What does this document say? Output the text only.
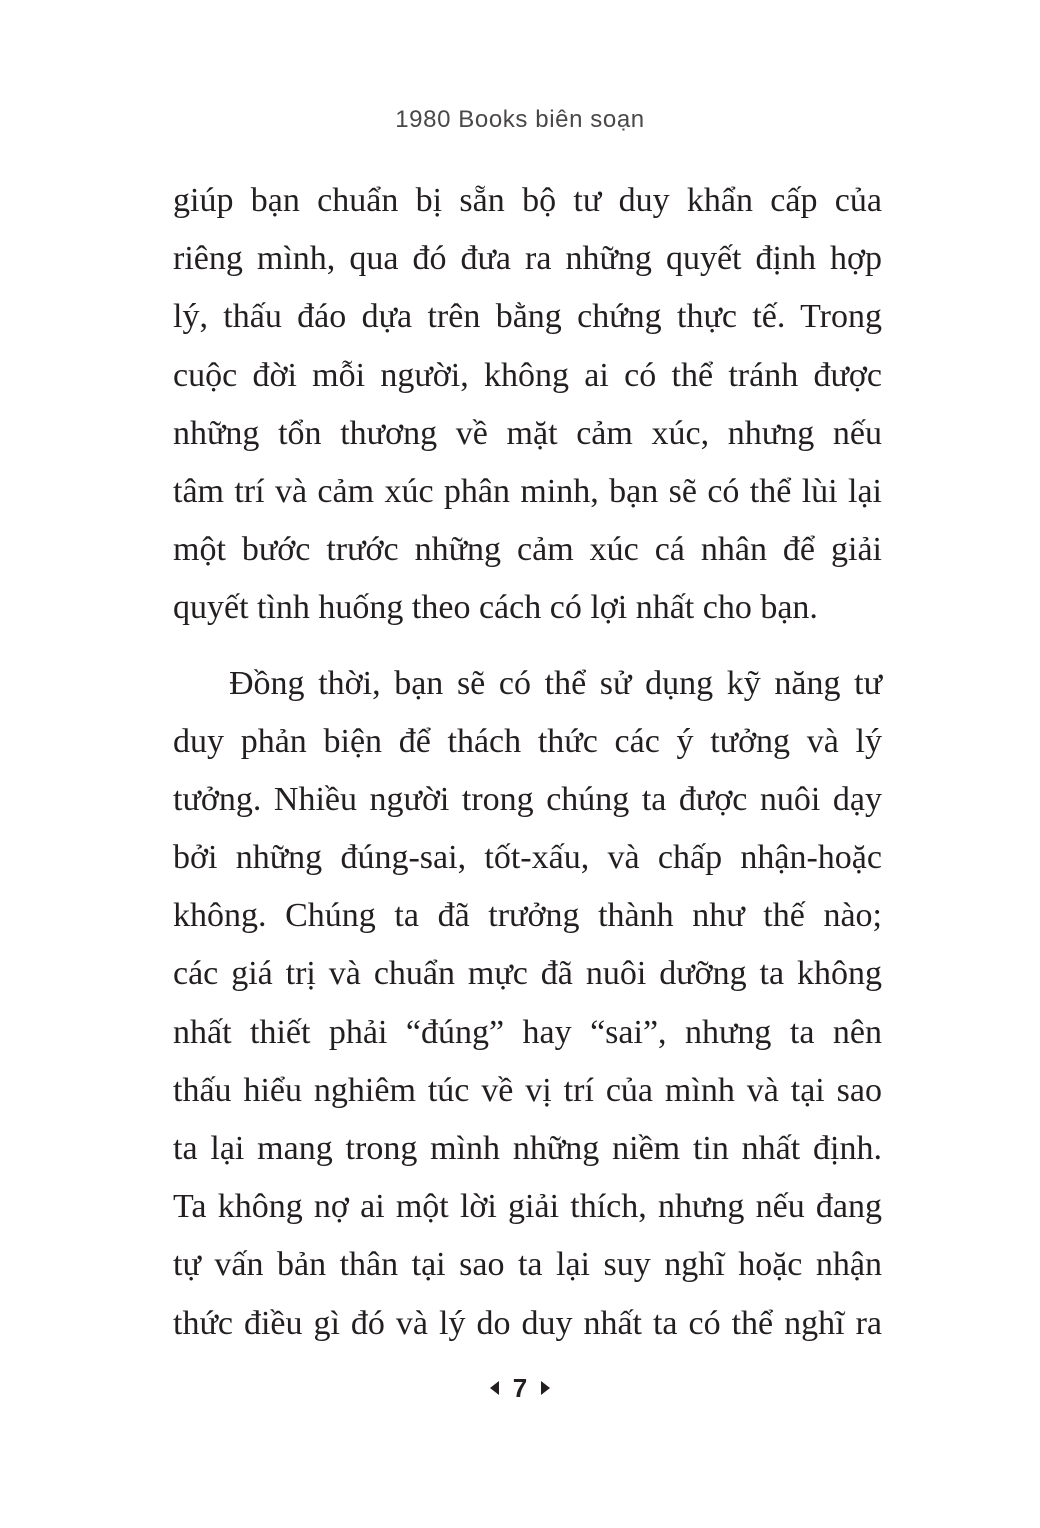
1980 Books biên soạn
giúp bạn chuẩn bị sẵn bộ tư duy khẩn cấp của
riêng mình, qua đó đưa ra những quyết định hợp
lý, thấu đáo dựa trên bằng chứng thực tế. Trong
cuộc đời mỗi người, không ai có thể tránh được
những tổn thương về mặt cảm xúc, nhưng nếu
tâm trí và cảm xúc phân minh, bạn sẽ có thể lùi lại
một bước trước những cảm xúc cá nhân để giải
quyết tình huống theo cách có lợi nhất cho bạn.
Đồng thời, bạn sẽ có thể sử dụng kỹ năng tư
duy phản biện để thách thức các ý tưởng và lý
tưởng. Nhiều người trong chúng ta được nuôi dạy
bởi những đúng-sai, tốt-xấu, và chấp nhận-hoặc
không. Chúng ta đã trưởng thành như thế nào;
các giá trị và chuẩn mực đã nuôi dưỡng ta không
nhất thiết phải “đúng” hay “sai”, nhưng ta nên
thấu hiểu nghiêm túc về vị trí của mình và tại sao
ta lại mang trong mình những niềm tin nhất định.
Ta không nợ ai một lời giải thích, nhưng nếu đang
tự vấn bản thân tại sao ta lại suy nghĩ hoặc nhận
thức điều gì đó và lý do duy nhất ta có thể nghĩ ra
7
